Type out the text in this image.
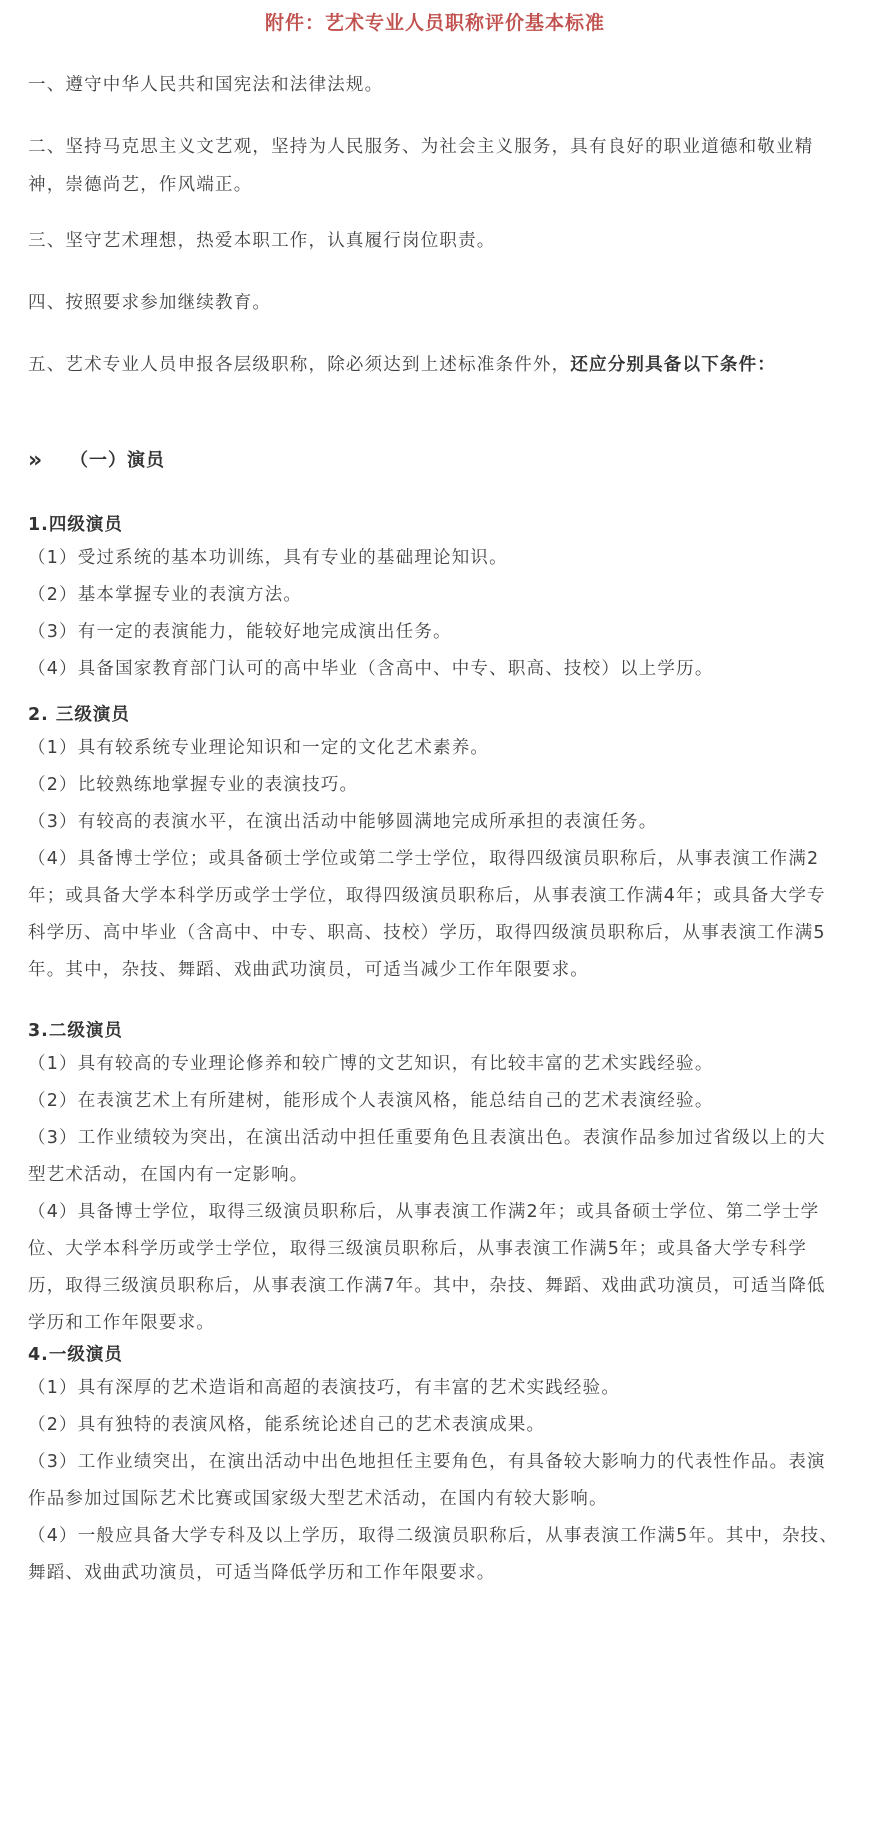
附件：艺术专业人员职称评价基本标准

一、遵守中华人民共和国宪法和法律法规。

二、坚持马克思主义文艺观，坚持为人民服务、为社会主义服务，具有良好的职业道德和敬业精神，崇德尚艺，作风端正。

三、坚守艺术理想，热爱本职工作，认真履行岗位职责。

四、按照要求参加继续教育。

五、艺术专业人员申报各层级职称，除必须达到上述标准条件外，还应分别具备以下条件：

» （一）演员
1.四级演员
（1）受过系统的基本功训练，具有专业的基础理论知识。
（2）基本掌握专业的表演方法。
（3）有一定的表演能力，能较好地完成演出任务。
（4）具备国家教育部门认可的高中毕业（含高中、中专、职高、技校）以上学历。
2. 三级演员
（1）具有较系统专业理论知识和一定的文化艺术素养。
（2）比较熟练地掌握专业的表演技巧。
（3）有较高的表演水平，在演出活动中能够圆满地完成所承担的表演任务。
（4）具备博士学位；或具备硕士学位或第二学士学位，取得四级演员职称后，从事表演工作满2年；或具备大学本科学历或学士学位，取得四级演员职称后，从事表演工作满4年；或具备大学专科学历、高中毕业（含高中、中专、职高、技校）学历，取得四级演员职称后，从事表演工作满5年。其中，杂技、舞蹈、戏曲武功演员，可适当减少工作年限要求。
3.二级演员
（1）具有较高的专业理论修养和较广博的文艺知识，有比较丰富的艺术实践经验。
（2）在表演艺术上有所建树，能形成个人表演风格，能总结自己的艺术表演经验。
（3）工作业绩较为突出，在演出活动中担任重要角色且表演出色。表演作品参加过省级以上的大型艺术活动，在国内有一定影响。
（4）具备博士学位，取得三级演员职称后，从事表演工作满2年；或具备硕士学位、第二学士学位、大学本科学历或学士学位，取得三级演员职称后，从事表演工作满5年；或具备大学专科学历，取得三级演员职称后，从事表演工作满7年。其中，杂技、舞蹈、戏曲武功演员，可适当降低学历和工作年限要求。
4.一级演员
（1）具有深厚的艺术造诣和高超的表演技巧，有丰富的艺术实践经验。
（2）具有独特的表演风格，能系统论述自己的艺术表演成果。
（3）工作业绩突出，在演出活动中出色地担任主要角色，有具备较大影响力的代表性作品。表演作品参加过国际艺术比赛或国家级大型艺术活动，在国内有较大影响。
（4）一般应具备大学专科及以上学历，取得二级演员职称后，从事表演工作满5年。其中，杂技、舞蹈、戏曲武功演员，可适当降低学历和工作年限要求。
